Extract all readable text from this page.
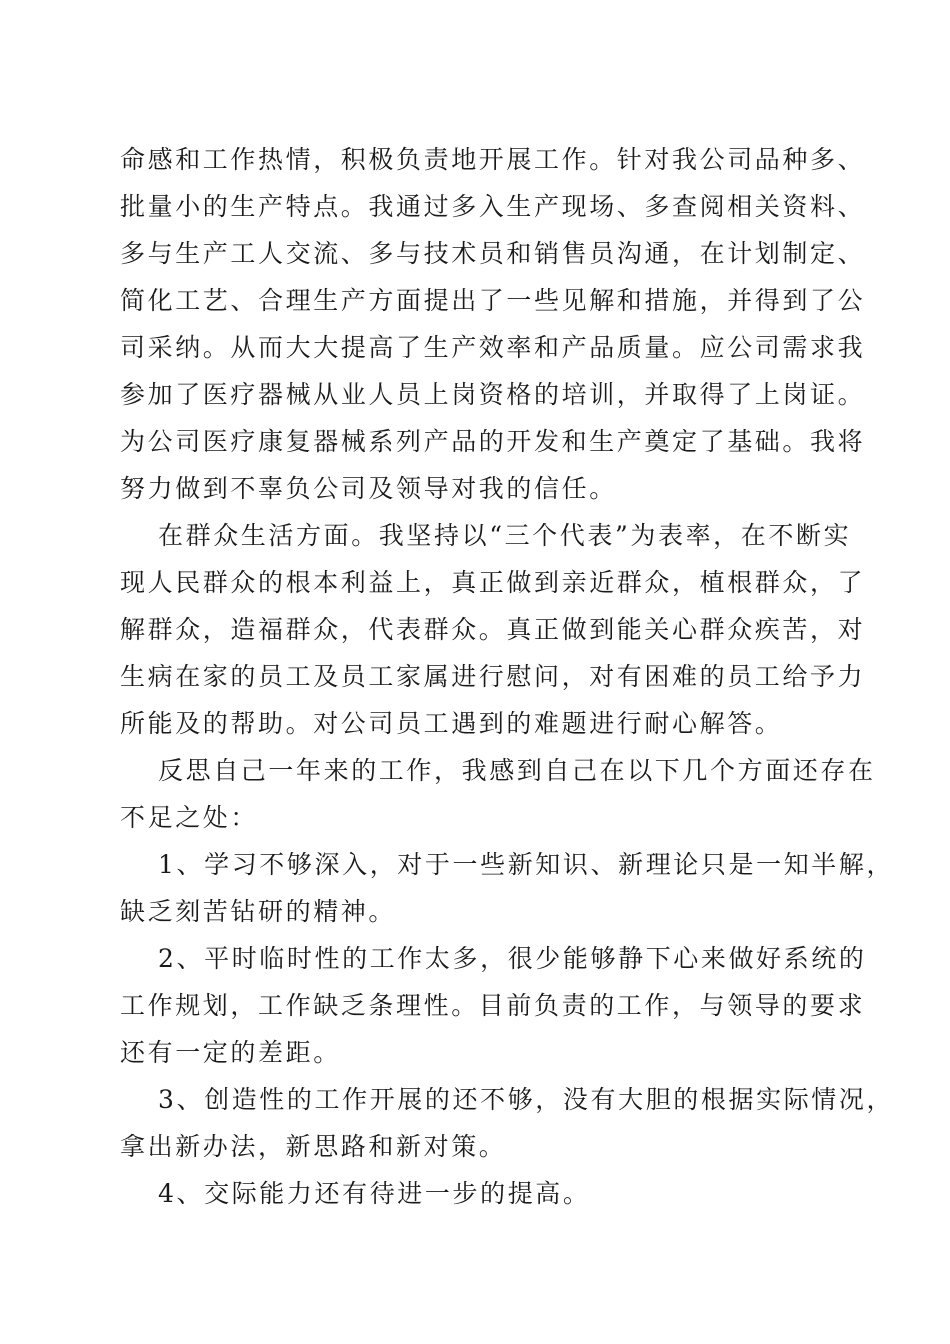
命感和工作热情，积极负责地开展工作。针对我公司品种多、
批量小的生产特点。我通过多入生产现场、多查阅相关资料、
多与生产工人交流、多与技术员和销售员沟通，在计划制定、
简化工艺、合理生产方面提出了一些见解和措施，并得到了公
司采纳。从而大大提高了生产效率和产品质量。应公司需求我
参加了医疗器械从业人员上岗资格的培训，并取得了上岗证。
为公司医疗康复器械系列产品的开发和生产奠定了基础。我将
努力做到不辜负公司及领导对我的信任。
在群众生活方面。我坚持以“三个代表”为表率，在不断实
现人民群众的根本利益上，真正做到亲近群众，植根群众，了
解群众，造福群众，代表群众。真正做到能关心群众疾苦，对
生病在家的员工及员工家属进行慰问，对有困难的员工给予力
所能及的帮助。对公司员工遇到的难题进行耐心解答。
反思自己一年来的工作，我感到自己在以下几个方面还存在
不足之处：
1、学习不够深入，对于一些新知识、新理论只是一知半解，
缺乏刻苦钻研的精神。
2、平时临时性的工作太多，很少能够静下心来做好系统的
工作规划，工作缺乏条理性。目前负责的工作，与领导的要求
还有一定的差距。
3、创造性的工作开展的还不够，没有大胆的根据实际情况，
拿出新办法，新思路和新对策。
4、交际能力还有待进一步的提高。
